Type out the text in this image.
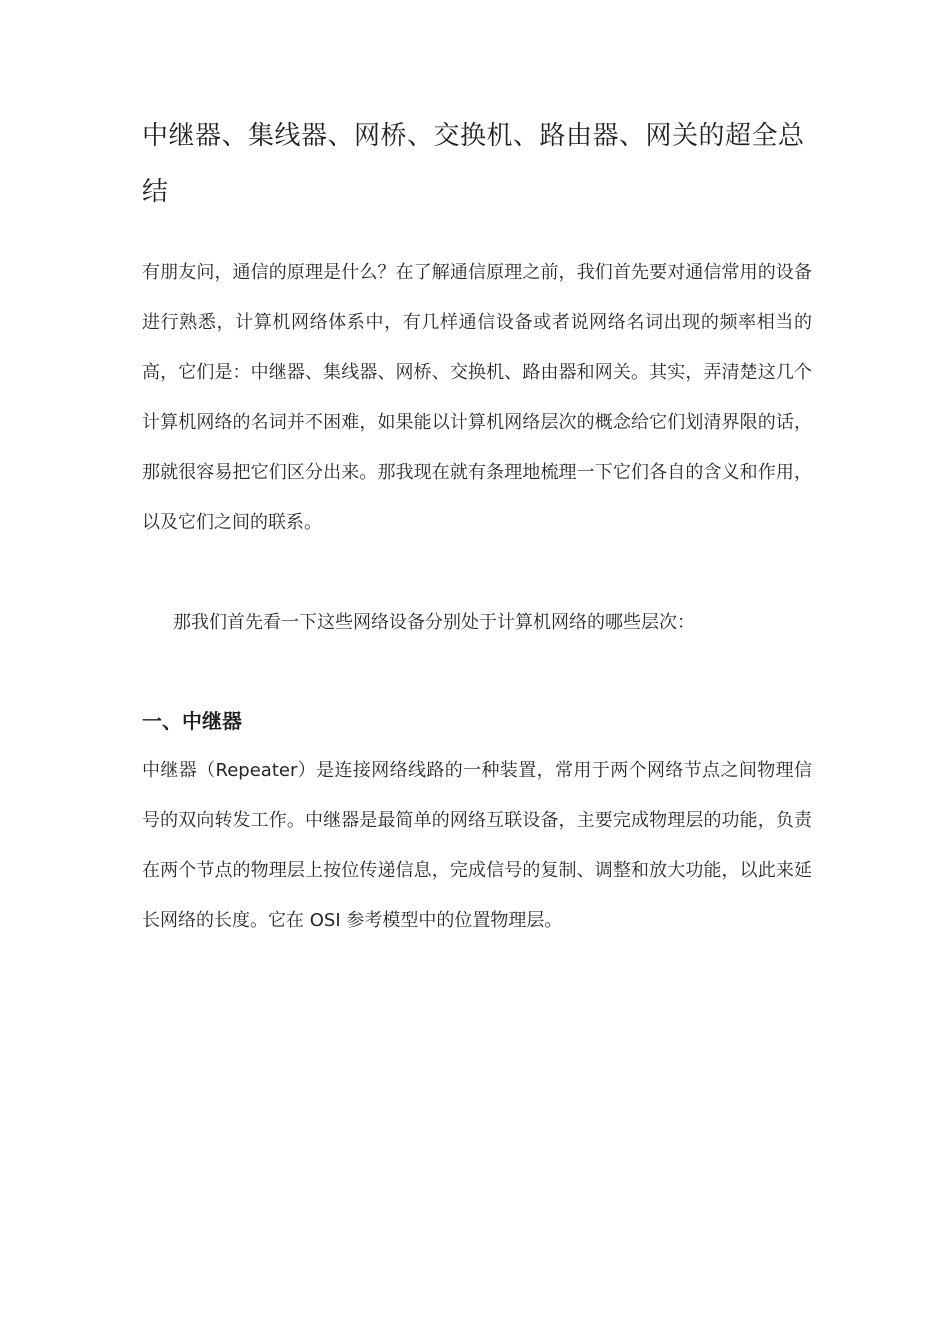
中继器、集线器、网桥、交换机、路由器、网关的超全总结

有朋友问，通信的原理是什么？在了解通信原理之前，我们首先要对通信常用的设备进行熟悉，计算机网络体系中，有几样通信设备或者说网络名词出现的频率相当的高，它们是：中继器、集线器、网桥、交换机、路由器和网关。其实，弄清楚这几个计算机网络的名词并不困难，如果能以计算机网络层次的概念给它们划清界限的话，那就很容易把它们区分出来。那我现在就有条理地梳理一下它们各自的含义和作用，以及它们之间的联系。

那我们首先看一下这些网络设备分别处于计算机网络的哪些层次：

一、中继器

中继器（Repeater）是连接网络线路的一种装置，常用于两个网络节点之间物理信号的双向转发工作。中继器是最简单的网络互联设备，主要完成物理层的功能，负责在两个节点的物理层上按位传递信息，完成信号的复制、调整和放大功能，以此来延长网络的长度。它在 OSI 参考模型中的位置物理层。
